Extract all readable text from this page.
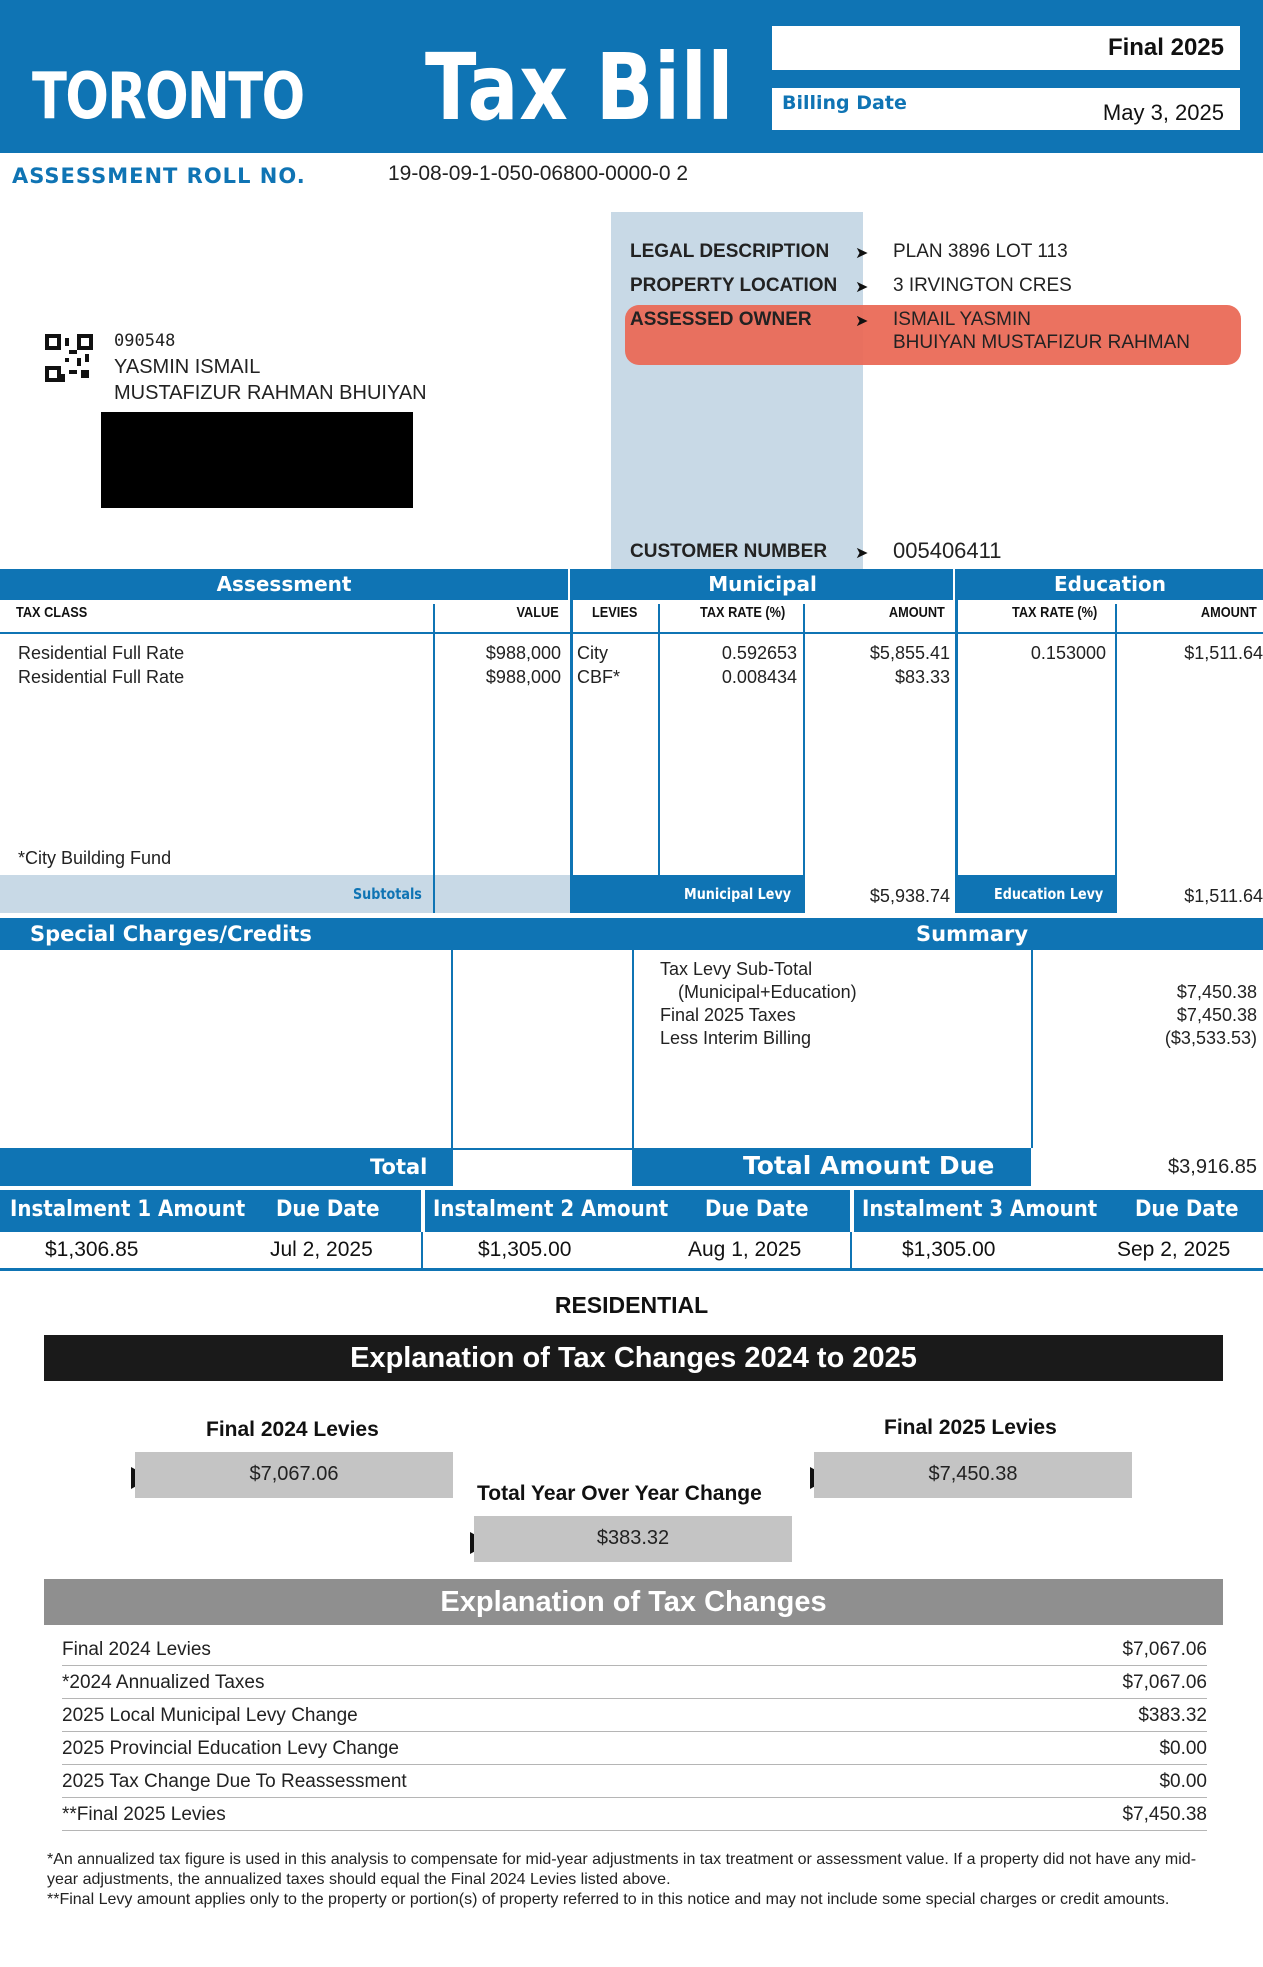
TORONTO Tax Bill	Final 2025
Billing Date	May 3, 2025
ASSESSMENT ROLL NO.	19-08-09-1-050-06800-0000-0 2
LEGAL DESCRIPTION ➤ PLAN 3896 LOT 113
PROPERTY LOCATION ➤ 3 IRVINGTON CRES
ASSESSED OWNER	➤ ISMAIL YASMIN
BHUIYAN MUSTAFIZUR RAHMAN
CUSTOMER NUMBER ➤ 005406411
090548
YASMIN ISMAIL
MUSTAFIZUR RAHMAN BHUIYAN
Assessment	Municipal	Education
TAX CLASS	VALUE LEVIES	TAX RATE (%)	AMOUNT	TAX RATE (%)	AMOUNT
Residential Full Rate	$988,000 City	0.592653	$5,855.41	0.153000	$1,511.64
Residential Full Rate	$988,000 CBF*	0.008434	$83.33
*City Building Fund
Subtotals	Municipal Levy	$5,938.74	Education Levy	$1,511.64
Special Charges/Credits	Summary
Tax Levy Sub-Total
(Municipal+Education)	$7,450.38
Final 2025 Taxes	$7,450.38
Less Interim Billing	($3,533.53)
Total	Total Amount Due	$3,916.85
Instalment 1 Amount Due Date
$1,306.85	Jul 2, 2025
Instalment 2 Amount Due Date
$1,305.00	Aug 1, 2025
Instalment 3 Amount Due Date
$1,305.00	Sep 2, 2025
RESIDENTIAL
Explanation of Tax Changes 2024 to 2025
Final 2024 Levies
$7,067.06
Final 2025 Levies
$7,450.38
Total Year Over Year Change
$383.32
Explanation of Tax Changes
Final 2024 Levies	$7,067.06
*2024 Annualized Taxes	$7,067.06
2025 Local Municipal Levy Change	$383.32
2025 Provincial Education Levy Change	$0.00
2025 Tax Change Due To Reassessment	$0.00
**Final 2025 Levies	$7,450.38
*An annualized tax figure is used in this analysis to compensate for mid-year adjustments in tax treatment or assessment value. If a property did not have any mid-year adjustments, the annualized taxes should equal the Final 2024 Levies listed above.
**Final Levy amount applies only to the property or portion(s) of property referred to in this notice and may not include some special charges or credit amounts.
